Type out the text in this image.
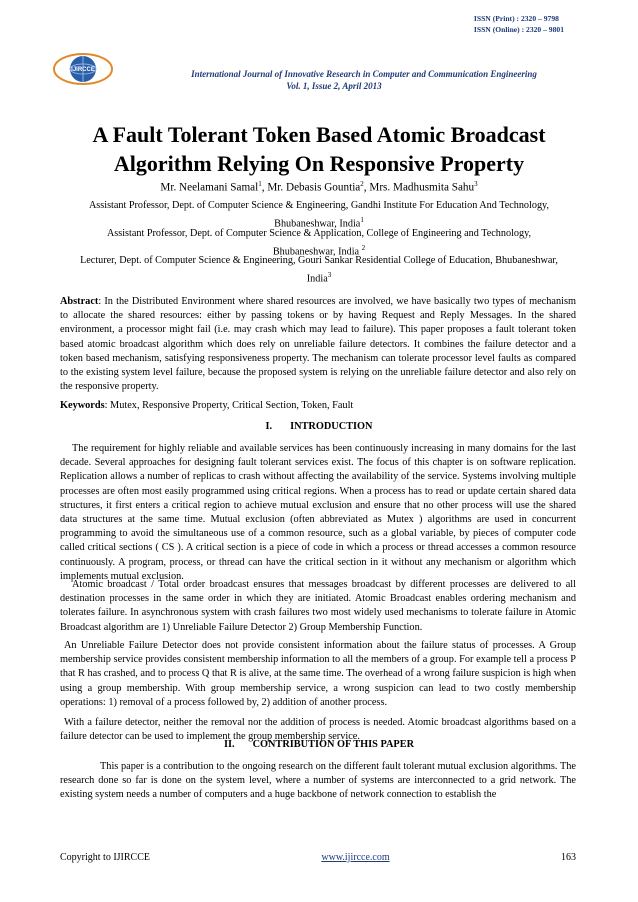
IJIRCCE
ISSN (Print) : 2320 – 9798
ISSN (Online) : 2320 – 9801
International Journal of Innovative Research in Computer and Communication Engineering
Vol. 1, Issue 2, April 2013
A Fault Tolerant Token Based Atomic Broadcast
Algorithm Relying On Responsive Property
Mr. Neelamani Samal$^1$, Mr. Debasis Gountia$^2$, Mrs. Madhusmita Sahu$^3$
Assistant Professor, Dept. of Computer Science & Engineering, Gandhi Institute For Education And Technology,
Bhubaneshwar, India$^1$
Assistant Professor, Dept. of Computer Science & Application, College of Engineering and Technology,
Bhubaneshwar, India $^2$
Lecturer, Dept. of Computer Science & Engineering, Gouri Sankar Residential College of Education, Bhubaneshwar,
India$^3$
Abstract: In the Distributed Environment where shared resources are involved, we have basically two types of mechanism to allocate the shared resources: either by passing tokens or by having Request and Reply Messages. In the shared environment, a processor might fail (i.e. may crash which may lead to failure). This paper proposes a fault tolerant token based atomic broadcast algorithm which does rely on unreliable failure detectors. It combines the failure detector and a token based mechanism, satisfying responsiveness property. The mechanism can tolerate processor level faults as compared to the existing system level failure, because the proposed system is relying on the unreliable failure detector and also rely on the responsive property.
Keywords: Mutex, Responsive Property, Critical Section, Token, Fault
I. INTRODUCTION
The requirement for highly reliable and available services has been continuously increasing in many domains for the last decade. Several approaches for designing fault tolerant services exist. The focus of this chapter is on software replication. Replication allows a number of replicas to crash without affecting the availability of the service. Systems involving multiple processes are often most easily programmed using critical regions. When a process has to read or update certain shared data structures, it first enters a critical region to achieve mutual exclusion and ensure that no other process will use the shared data structures at the same time. Mutual exclusion (often abbreviated as Mutex ) algorithms are used in concurrent programming to avoid the simultaneous use of a common resource, such as a global variable, by pieces of computer code called critical sections ( CS ). A critical section is a piece of code in which a process or thread accesses a common resource continuously. A program, process, or thread can have the critical section in it without any mechanism or algorithm which implements mutual exclusion.
Atomic broadcast / Total order broadcast ensures that messages broadcast by different processes are delivered to all destination processes in the same order in which they are initiated. Atomic Broadcast enables ordering mechanism and tolerates failure. In asynchronous system with crash failures two most widely used mechanisms to tolerate failure in Atomic Broadcast algorithm are 1) Unreliable Failure Detector 2) Group Membership Function.
An Unreliable Failure Detector does not provide consistent information about the failure status of processes. A Group membership service provides consistent membership information to all the members of a group. For example tell a process P that R has crashed, and to process Q that R is alive, at the same time. The overhead of a wrong failure suspicion is high when using a group membership. With group membership service, a wrong suspicion can lead to two costly membership operations: 1) removal of a process followed by, 2) addition of another process.
With a failure detector, neither the removal nor the addition of process is needed. Atomic broadcast algorithms based on a failure detector can be used to implement the group membership service.
II. CONTRIBUTION OF THIS PAPER
This paper is a contribution to the ongoing research on the different fault tolerant mutual exclusion algorithms. The research done so far is done on the system level, where a number of systems are interconnected to a grid network. The existing system needs a number of computers and a huge backbone of network connection to establish the
Copyright to IJIRCCE	www.ijircce.com	163
